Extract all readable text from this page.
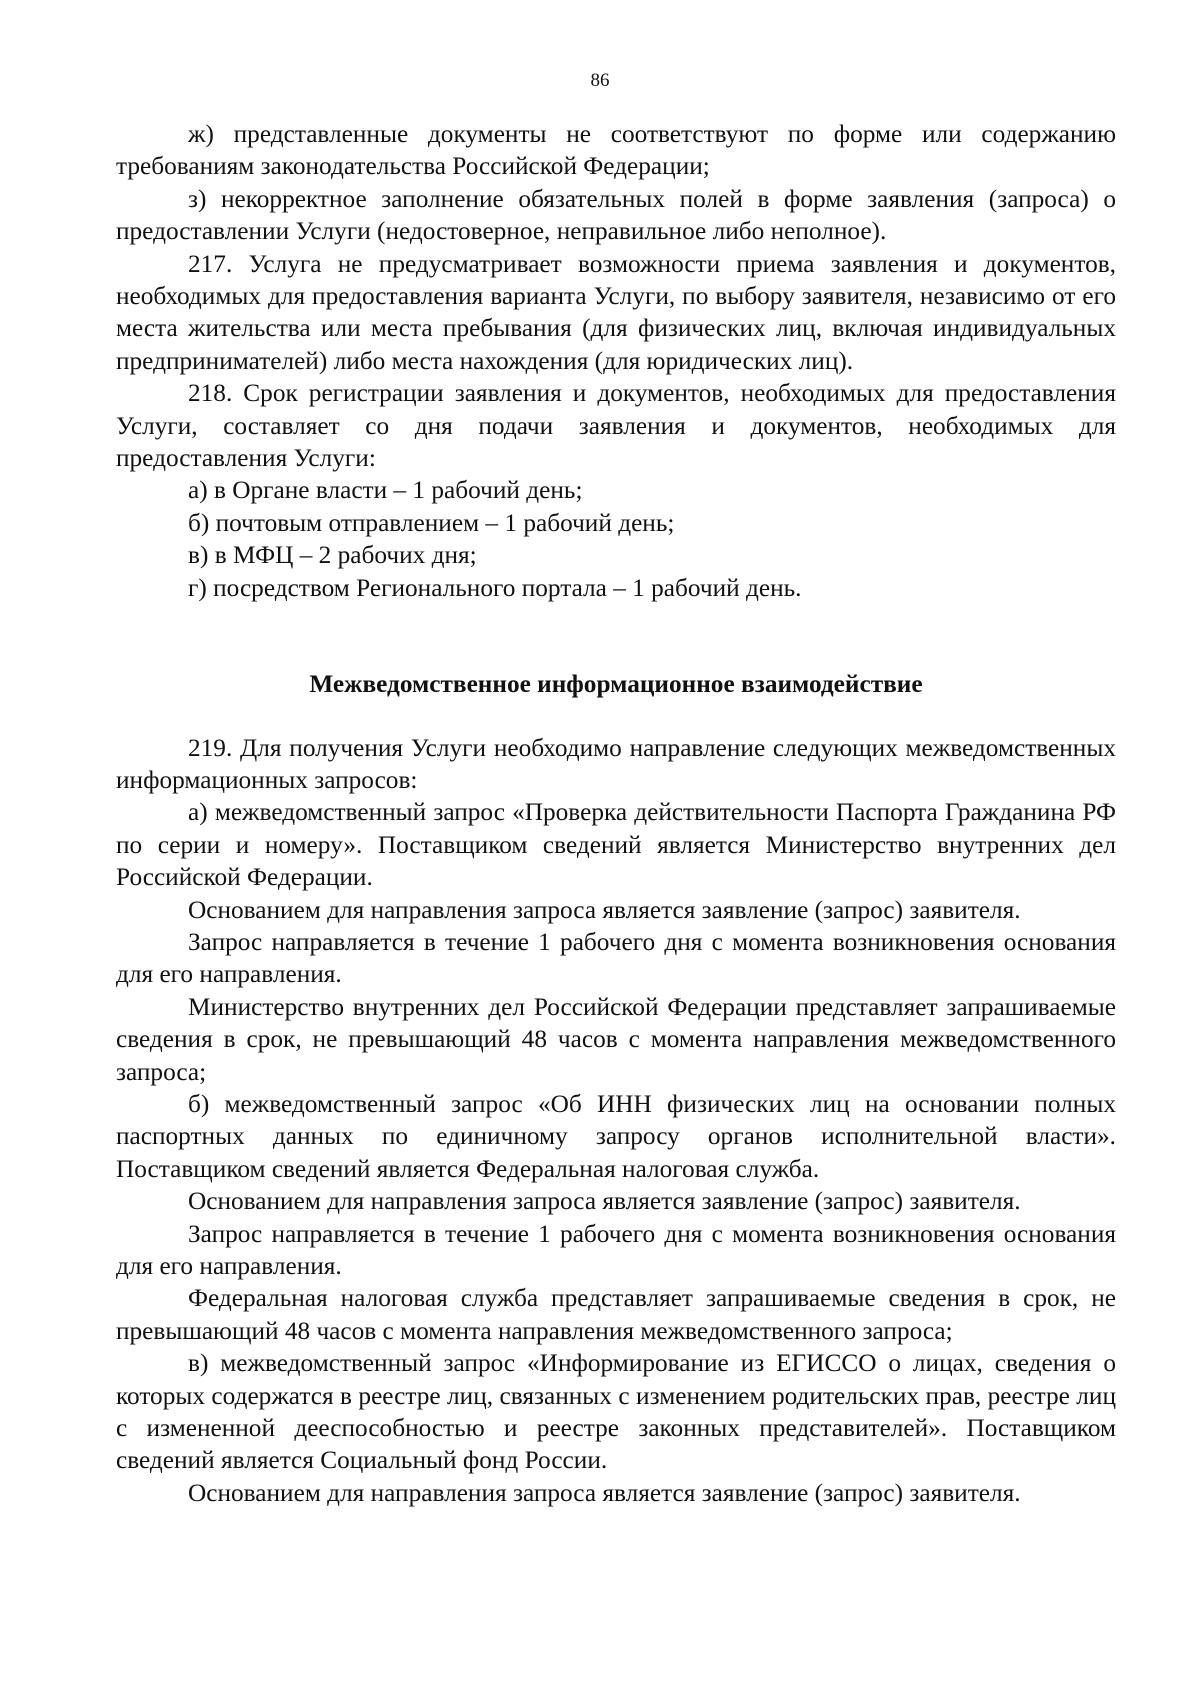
86

ж) представленные документы не соответствуют по форме или содержанию требованиям законодательства Российской Федерации;

з) некорректное заполнение обязательных полей в форме заявления (запроса) о предоставлении Услуги (недостоверное, неправильное либо неполное).

217. Услуга не предусматривает возможности приема заявления и документов, необходимых для предоставления варианта Услуги, по выбору заявителя, независимо от его места жительства или места пребывания (для физических лиц, включая индивидуальных предпринимателей) либо места нахождения (для юридических лиц).

218. Срок регистрации заявления и документов, необходимых для предоставления Услуги, составляет со дня подачи заявления и документов, необходимых для предоставления Услуги:

а) в Органе власти – 1 рабочий день;

б) почтовым отправлением – 1 рабочий день;

в) в МФЦ – 2 рабочих дня;

г) посредством Регионального портала – 1 рабочий день.

Межведомственное информационное взаимодействие

219. Для получения Услуги необходимо направление следующих межведомственных информационных запросов:

а) межведомственный запрос «Проверка действительности Паспорта Гражданина РФ по серии и номеру». Поставщиком сведений является Министерство внутренних дел Российской Федерации.

Основанием для направления запроса является заявление (запрос) заявителя.

Запрос направляется в течение 1 рабочего дня с момента возникновения основания для его направления.

Министерство внутренних дел Российской Федерации представляет запрашиваемые сведения в срок, не превышающий 48 часов с момента направления межведомственного запроса;

б) межведомственный запрос «Об ИНН физических лиц на основании полных паспортных данных по единичному запросу органов исполнительной власти». Поставщиком сведений является Федеральная налоговая служба.

Основанием для направления запроса является заявление (запрос) заявителя.

Запрос направляется в течение 1 рабочего дня с момента возникновения основания для его направления.

Федеральная налоговая служба представляет запрашиваемые сведения в срок, не превышающий 48 часов с момента направления межведомственного запроса;

в) межведомственный запрос «Информирование из ЕГИССО о лицах, сведения о которых содержатся в реестре лиц, связанных с изменением родительских прав, реестре лиц с измененной дееспособностью и реестре законных представителей». Поставщиком сведений является Социальный фонд России.

Основанием для направления запроса является заявление (запрос) заявителя.
